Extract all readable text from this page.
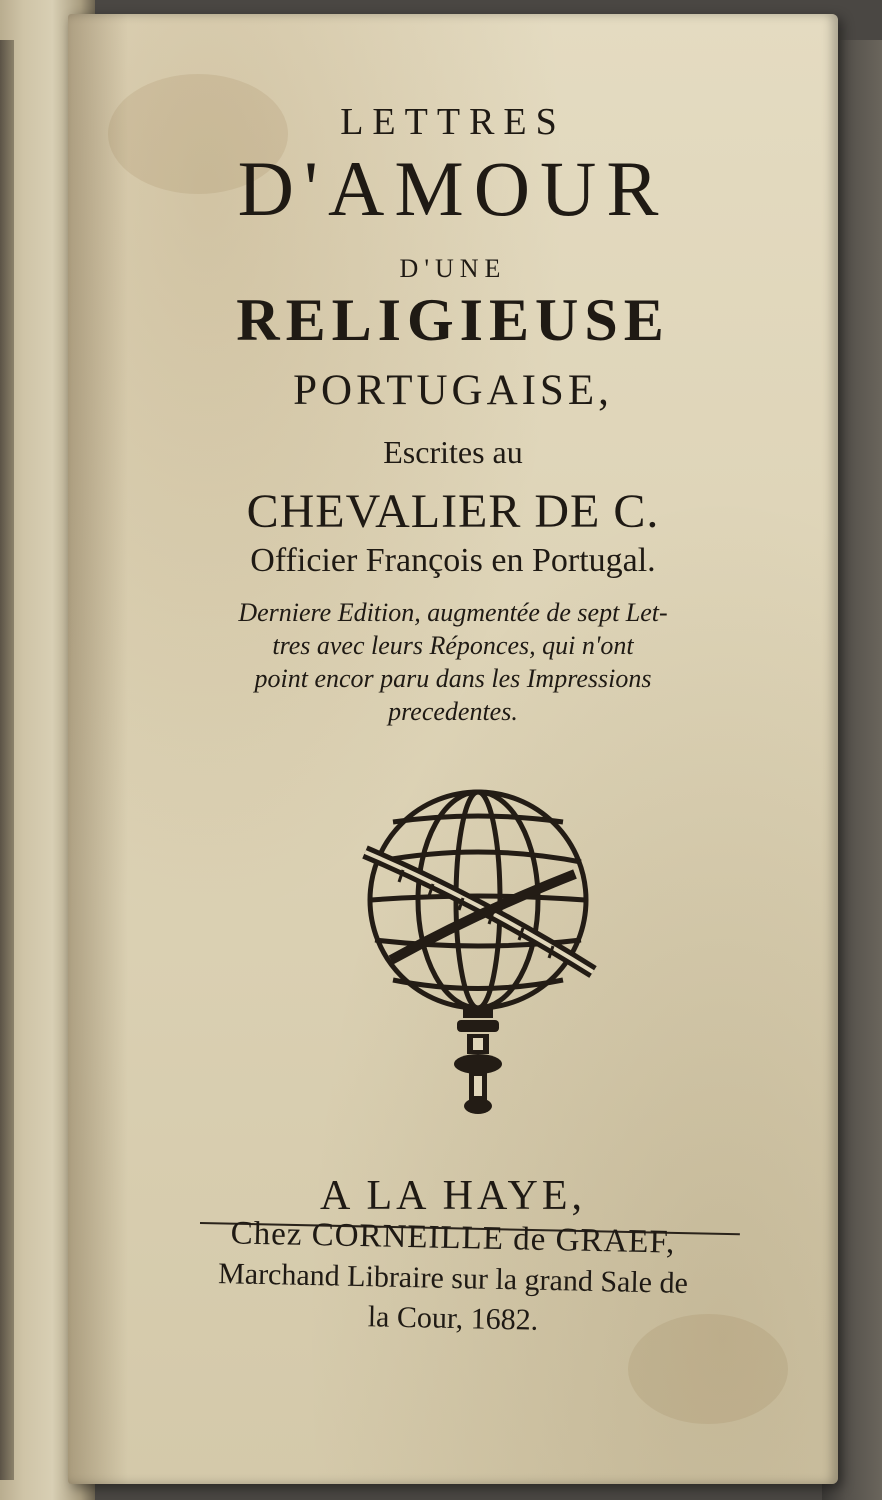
LETTRES
D'AMOUR
D'UNE
RELIGIEUSE
PORTUGAISE,
Escrites au
CHEVALIER DE C.
Officier François en Portugal.
Derniere Edition, augmentée de sept Let-
tres avec leurs Réponces, qui n'ont
point encor paru dans les Impressions
precedentes.
A LA HAYE,
Chez CORNEILLE de GRAEF,
Marchand Libraire sur la grand Sale de
la Cour, 1682.
